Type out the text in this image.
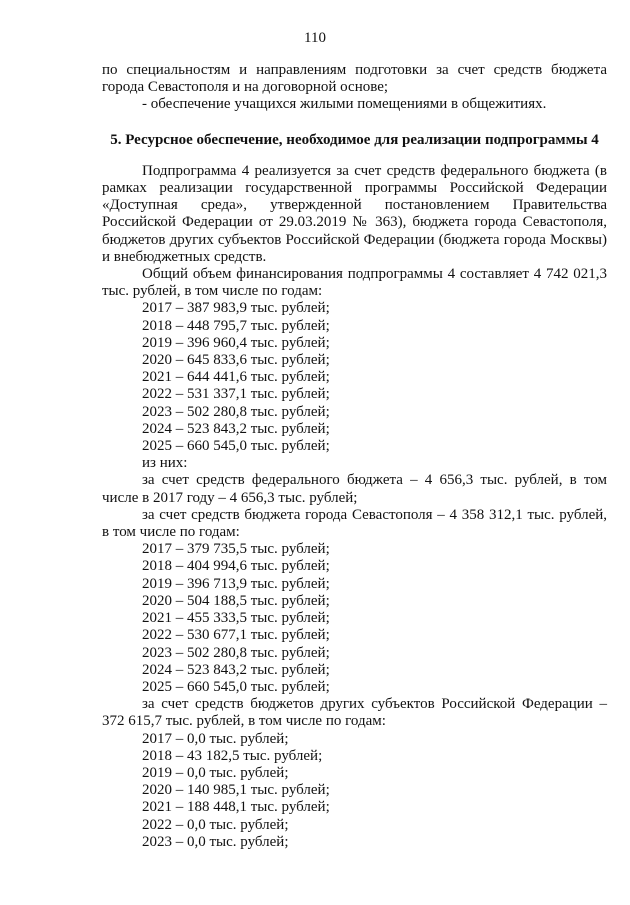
110

по специальностям и направлениям подготовки за счет средств бюджета города Севастополя и на договорной основе;

- обеспечение учащихся жилыми помещениями в общежитиях.

5. Ресурсное обеспечение, необходимое для реализации подпрограммы 4

Подпрограмма 4 реализуется за счет средств федерального бюджета (в рамках реализации государственной программы Российской Федерации «Доступная среда», утвержденной постановлением Правительства Российской Федерации от 29.03.2019 № 363), бюджета города Севастополя, бюджетов других субъектов Российской Федерации (бюджета города Москвы) и внебюджетных средств.

Общий объем финансирования подпрограммы 4 составляет 4 742 021,3 тыс. рублей, в том числе по годам:

2017 – 387 983,9 тыс. рублей;

2018 – 448 795,7 тыс. рублей;

2019 – 396 960,4 тыс. рублей;

2020 – 645 833,6 тыс. рублей;

2021 – 644 441,6 тыс. рублей;

2022 – 531 337,1 тыс. рублей;

2023 – 502 280,8 тыс. рублей;

2024 – 523 843,2 тыс. рублей;

2025 – 660 545,0 тыс. рублей;

из них:

за счет средств федерального бюджета – 4 656,3 тыс. рублей, в том числе в 2017 году – 4 656,3 тыс. рублей;

за счет средств бюджета города Севастополя – 4 358 312,1 тыс. рублей, в том числе по годам:

2017 – 379 735,5 тыс. рублей;

2018 – 404 994,6 тыс. рублей;

2019 – 396 713,9 тыс. рублей;

2020 – 504 188,5 тыс. рублей;

2021 – 455 333,5 тыс. рублей;

2022 – 530 677,1 тыс. рублей;

2023 – 502 280,8 тыс. рублей;

2024 – 523 843,2 тыс. рублей;

2025 – 660 545,0 тыс. рублей;

за счет средств бюджетов других субъектов Российской Федерации – 372 615,7 тыс. рублей, в том числе по годам:

2017 – 0,0 тыс. рублей;

2018 – 43 182,5 тыс. рублей;

2019 – 0,0 тыс. рублей;

2020 – 140 985,1 тыс. рублей;

2021 – 188 448,1 тыс. рублей;

2022 – 0,0 тыс. рублей;

2023 – 0,0 тыс. рублей;
